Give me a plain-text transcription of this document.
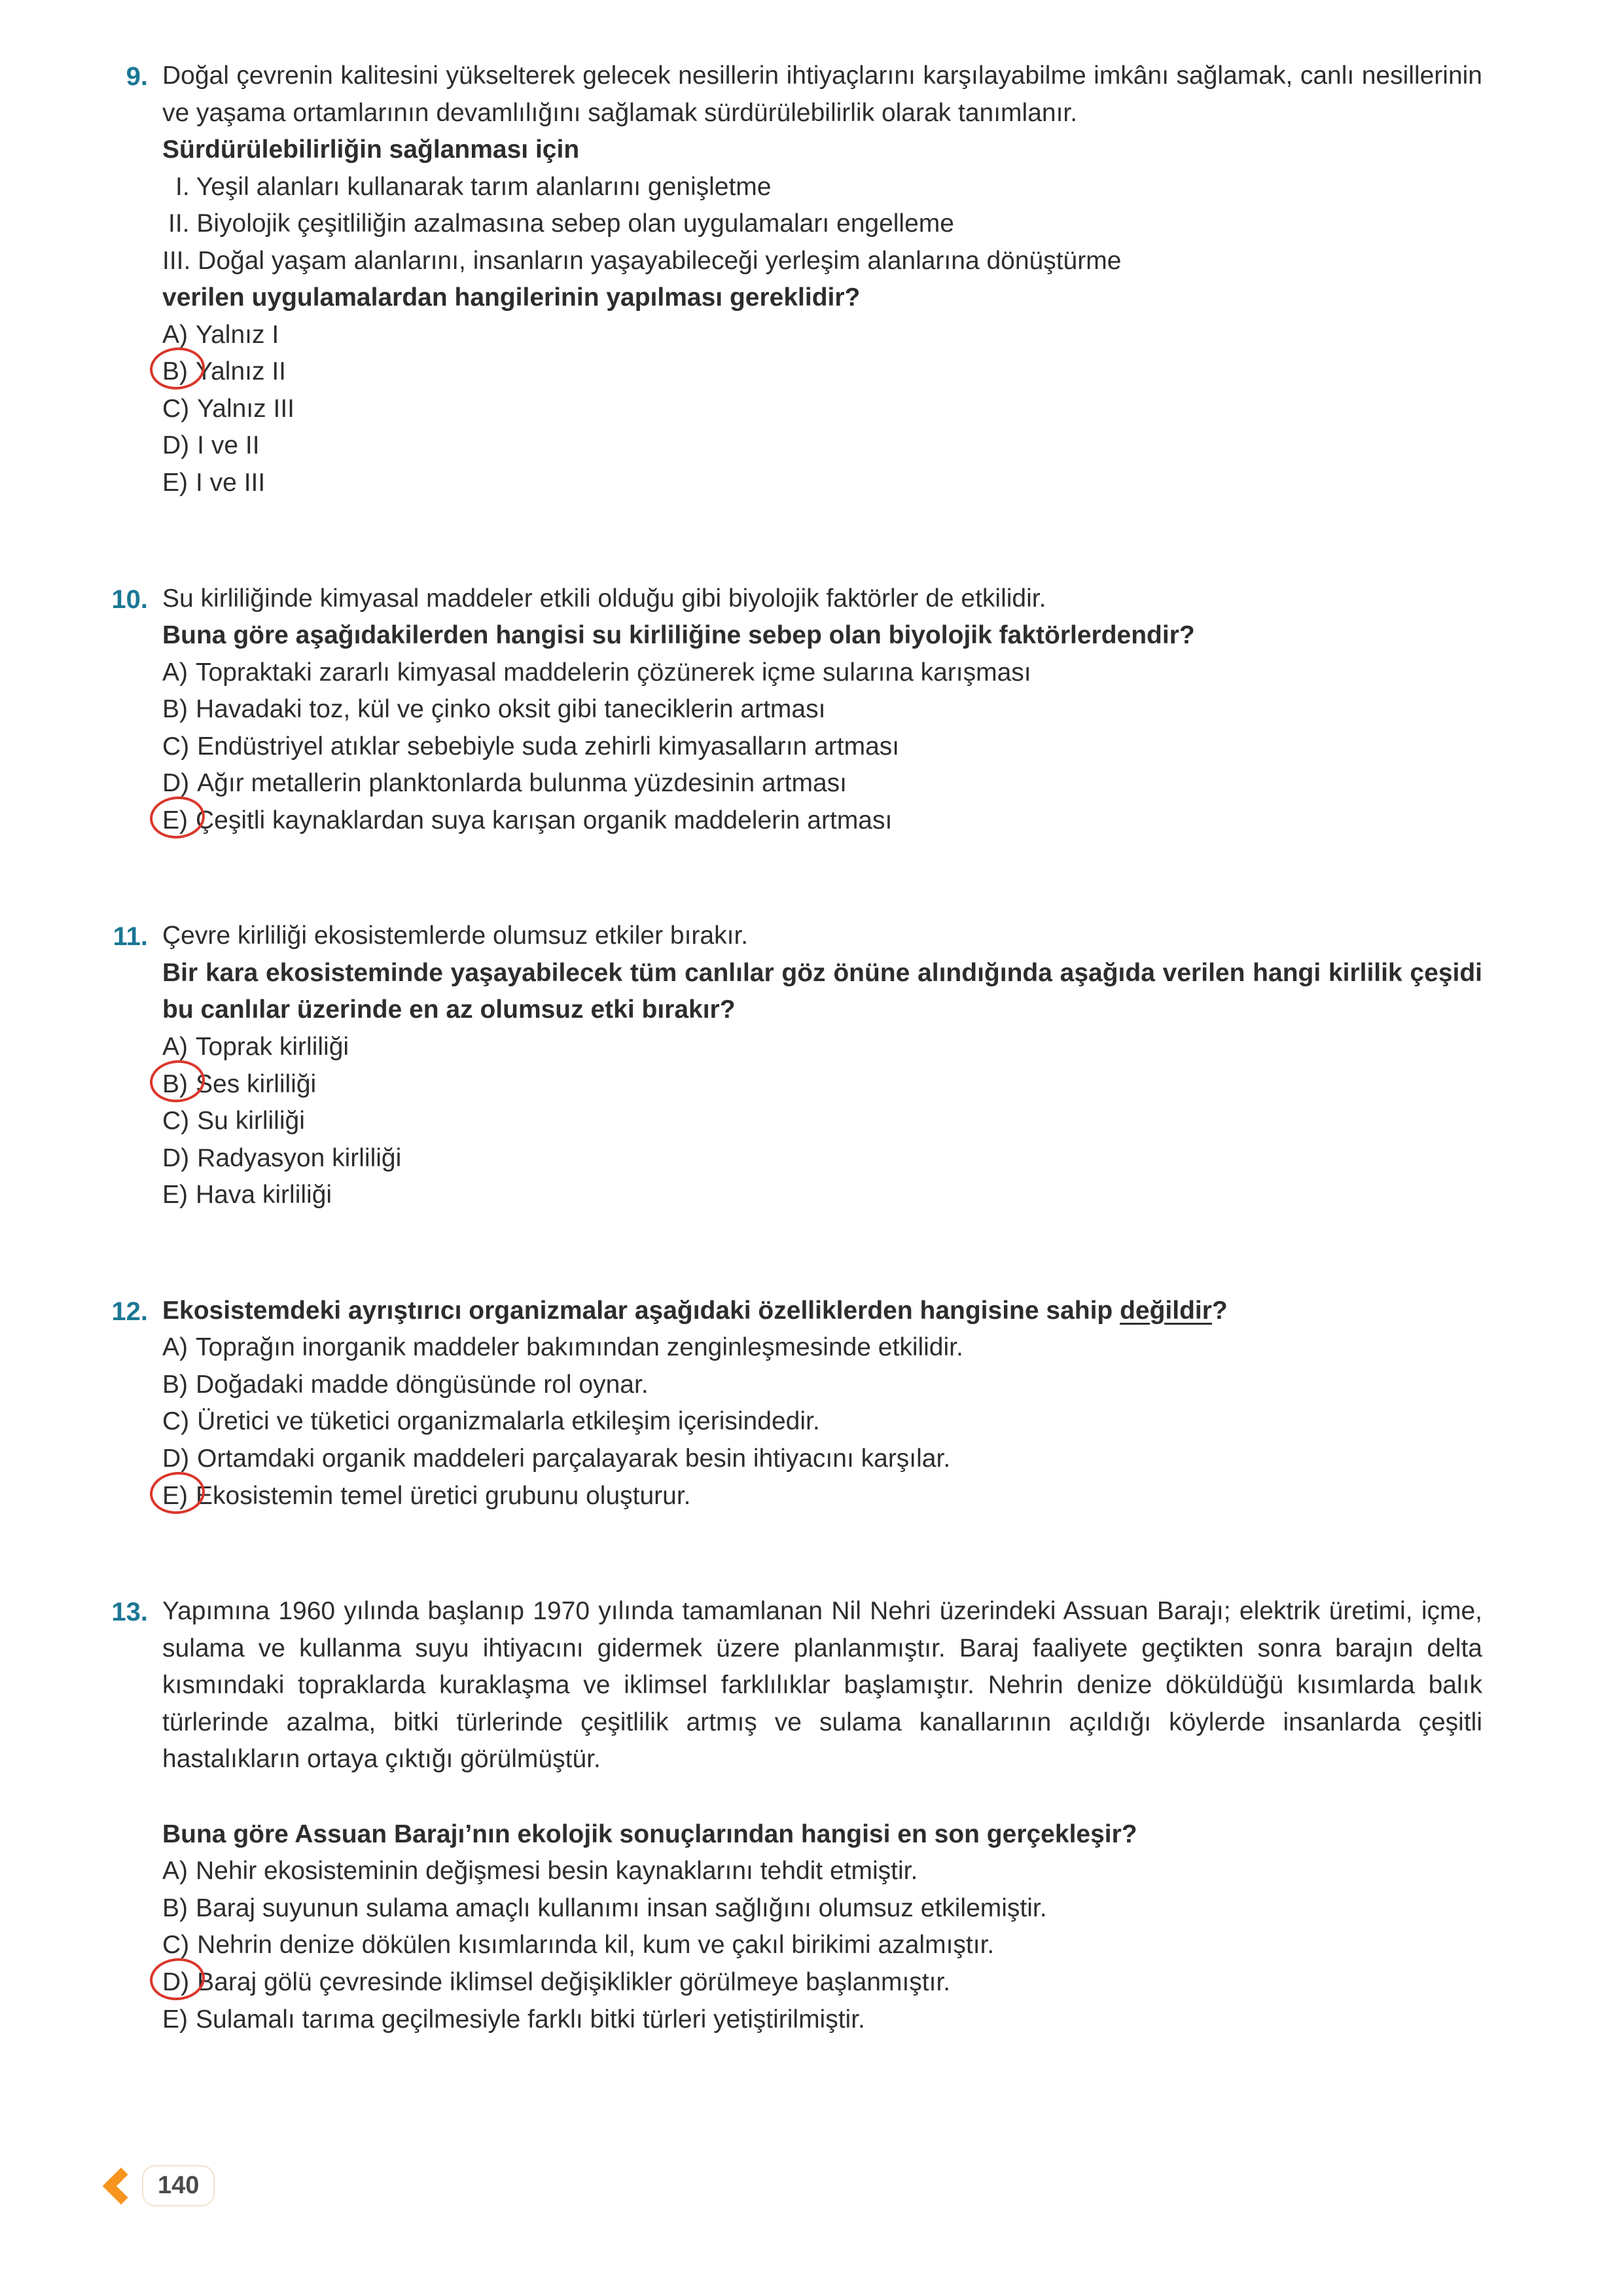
9. Doğal çevrenin kalitesini yükselterek gelecek nesillerin ihtiyaçlarını karşılayabilme imkânı sağlamak, canlı nesillerinin ve yaşama ortamlarının devamlılığını sağlamak sürdürülebilirlik olarak tanımlanır.

Sürdürülebilirliğin sağlanması için

I. Yeşil alanları kullanarak tarım alanlarını genişletme

II. Biyolojik çeşitliliğin azalmasına sebep olan uygulamaları engelleme

III. Doğal yaşam alanlarını, insanların yaşayabileceği yerleşim alanlarına dönüştürme

verilen uygulamalardan hangilerinin yapılması gereklidir?

A) Yalnız I

B) Yalnız II

C) Yalnız III

D) I ve II

E) I ve III

10. Su kirliliğinde kimyasal maddeler etkili olduğu gibi biyolojik faktörler de etkilidir.

Buna göre aşağıdakilerden hangisi su kirliliğine sebep olan biyolojik faktörlerdendir?

A) Topraktaki zararlı kimyasal maddelerin çözünerek içme sularına karışması

B) Havadaki toz, kül ve çinko oksit gibi taneciklerin artması

C) Endüstriyel atıklar sebebiyle suda zehirli kimyasalların artması

D) Ağır metallerin planktonlarda bulunma yüzdesinin artması

E) Çeşitli kaynaklardan suya karışan organik maddelerin artması

11. Çevre kirliliği ekosistemlerde olumsuz etkiler bırakır.

Bir kara ekosisteminde yaşayabilecek tüm canlılar göz önüne alındığında aşağıda verilen hangi kirlilik çeşidi bu canlılar üzerinde en az olumsuz etki bırakır?

A) Toprak kirliliği

B) Ses kirliliği

C) Su kirliliği

D) Radyasyon kirliliği

E) Hava kirliliği

12. Ekosistemdeki ayrıştırıcı organizmalar aşağıdaki özelliklerden hangisine sahip değildir?

A) Toprağın inorganik maddeler bakımından zenginleşmesinde etkilidir.

B) Doğadaki madde döngüsünde rol oynar.

C) Üretici ve tüketici organizmalarla etkileşim içerisindedir.

D) Ortamdaki organik maddeleri parçalayarak besin ihtiyacını karşılar.

E) Ekosistemin temel üretici grubunu oluşturur.

13. Yapımına 1960 yılında başlanıp 1970 yılında tamamlanan Nil Nehri üzerindeki Assuan Barajı; elektrik üretimi, içme, sulama ve kullanma suyu ihtiyacını gidermek üzere planlanmıştır. Baraj faaliyete geçtikten sonra barajın delta kısmındaki topraklarda kuraklaşma ve iklimsel farklılıklar başlamıştır. Nehrin denize döküldüğü kısımlarda balık türlerinde azalma, bitki türlerinde çeşitlilik artmış ve sulama kanallarının açıldığı köylerde insanlarda çeşitli hastalıkların ortaya çıktığı görülmüştür.

Buna göre Assuan Barajı’nın ekolojik sonuçlarından hangisi en son gerçekleşir?

A) Nehir ekosisteminin değişmesi besin kaynaklarını tehdit etmiştir.

B) Baraj suyunun sulama amaçlı kullanımı insan sağlığını olumsuz etkilemiştir.

C) Nehrin denize dökülen kısımlarında kil, kum ve çakıl birikimi azalmıştır.

D) Baraj gölü çevresinde iklimsel değişiklikler görülmeye başlanmıştır.

E) Sulamalı tarıma geçilmesiyle farklı bitki türleri yetiştirilmiştir.

140
